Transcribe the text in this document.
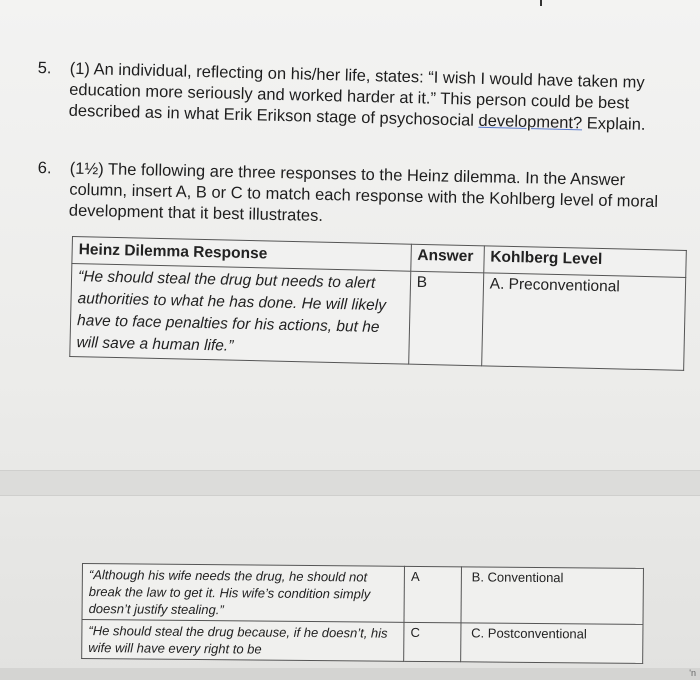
5. (1) An individual, reflecting on his/her life, states: “I wish I would have taken my education more seriously and worked harder at it.” This person could be best described as in what Erik Erikson stage of psychosocial development? Explain.
6. (1½) The following are three responses to the Heinz dilemma. In the Answer column, insert A, B or C to match each response with the Kohlberg level of moral development that it best illustrates.
Heinz Dilemma Response	Answer	Kohlberg Level
“He should steal the drug but needs to alert authorities to what he has done. He will likely have to face penalties for his actions, but he will save a human life.”	B	A. Preconventional
“Although his wife needs the drug, he should not break the law to get it. His wife’s condition simply doesn’t justify stealing.”	A	B. Conventional
“He should steal the drug because, if he doesn’t, his wife will have every right to be	C	C. Postconventional
'n
